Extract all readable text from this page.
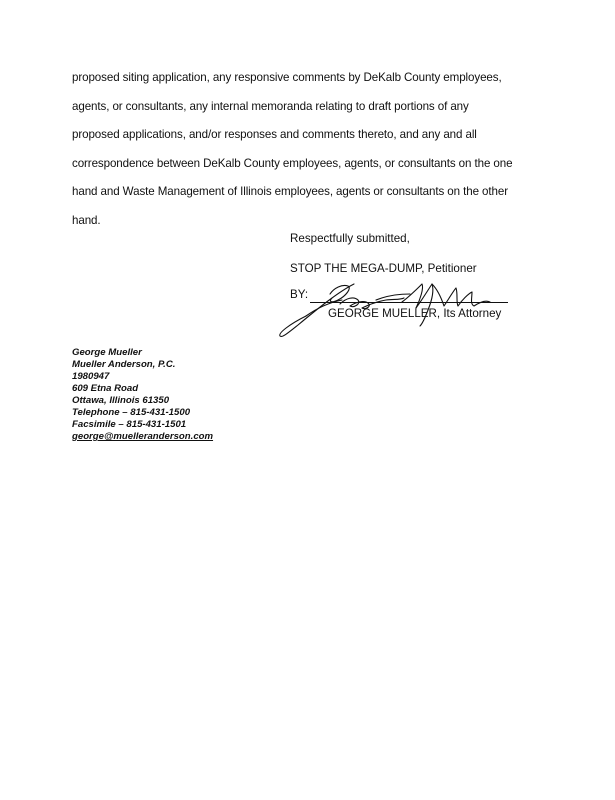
proposed siting application, any responsive comments by DeKalb County employees,
agents, or consultants, any internal memoranda relating to draft portions of any
proposed applications, and/or responses and comments thereto, and any and all
correspondence between DeKalb County employees, agents, or consultants on the one
hand and Waste Management of Illinois employees, agents or consultants on the other
hand.
Respectfully submitted,
STOP THE MEGA-DUMP, Petitioner
BY:
GEORGE MUELLER, Its Attorney
George Mueller
Mueller Anderson, P.C.
1980947
609 Etna Road
Ottawa, Illinois 61350
Telephone – 815-431-1500
Facsimile – 815-431-1501
george@muelleranderson.com
